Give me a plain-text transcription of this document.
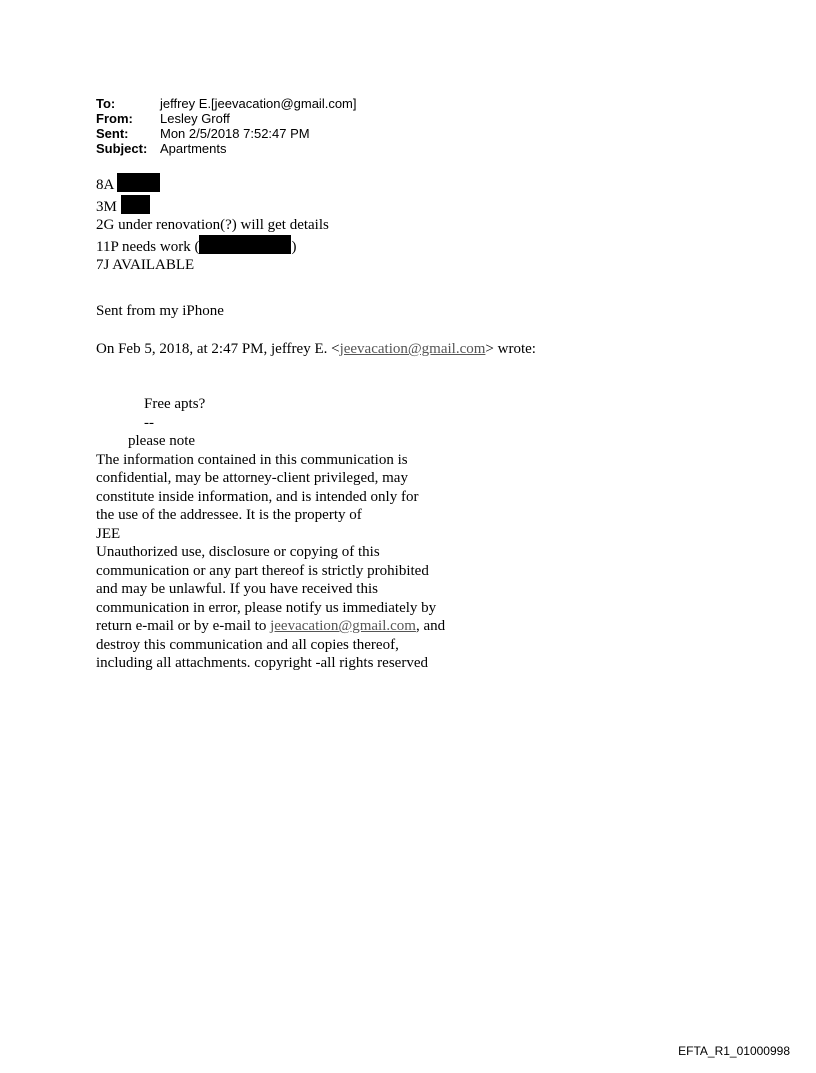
To:	jeffrey E.[jeevacation@gmail.com]
From:	Lesley Groff
Sent:	Mon 2/5/2018 7:52:47 PM
Subject: Apartments
8A
3M
2G under renovation(?) will get details
11P needs work (	)
7J AVAILABLE
Sent from my iPhone
On Feb 5, 2018, at 2:47 PM, jeffrey E. <jeevacation@gmail.com> wrote:
Free apts?
--
please note
The information contained in this communication is
confidential, may be attorney-client privileged, may
constitute inside information, and is intended only for
the use of the addressee. It is the property of
JEE
Unauthorized use, disclosure or copying of this
communication or any part thereof is strictly prohibited
and may be unlawful. If you have received this
communication in error, please notify us immediately by
return e-mail or by e-mail to jeevacation@gmail.com, and
destroy this communication and all copies thereof,
including all attachments. copyright -all rights reserved
EFTA_R1_01000998
